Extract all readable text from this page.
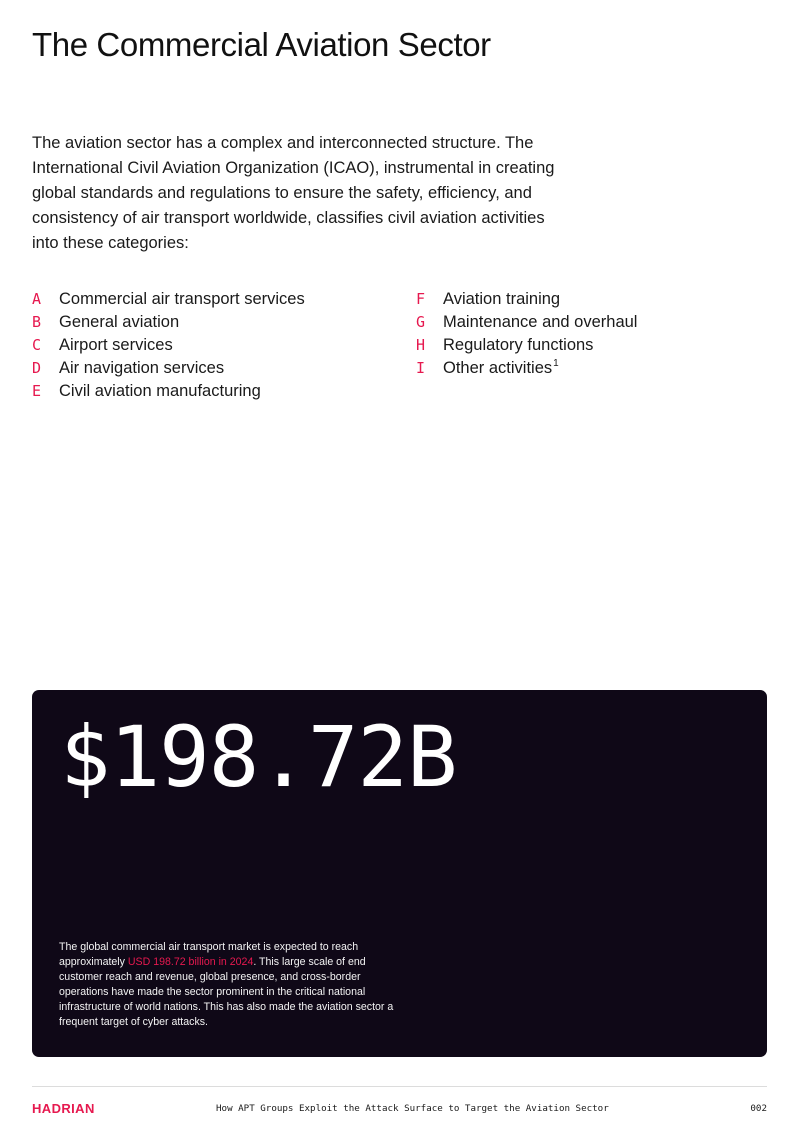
The Commercial Aviation Sector

The aviation sector has a complex and interconnected structure. The International Civil Aviation Organization (ICAO), instrumental in creating global standards and regulations to ensure the safety, efficiency, and consistency of air transport worldwide, classifies civil aviation activities into these categories:

A	Commercial air transport services
B	General aviation
C	Airport services
D	Air navigation services
E	Civil aviation manufacturing
F	Aviation training
G	Maintenance and overhaul
H	Regulatory functions
I	Other activities$^1$
$198.72B

The global commercial air transport market is expected to reach approximately USD 198.72 billion in 2024. This large scale of end customer reach and revenue, global presence, and cross-border operations have made the sector prominent in the critical national infrastructure of world nations. This has also made the aviation sector a frequent target of cyber attacks.

HADRIAN	How APT Groups Exploit the Attack Surface to Target the Aviation Sector	002
